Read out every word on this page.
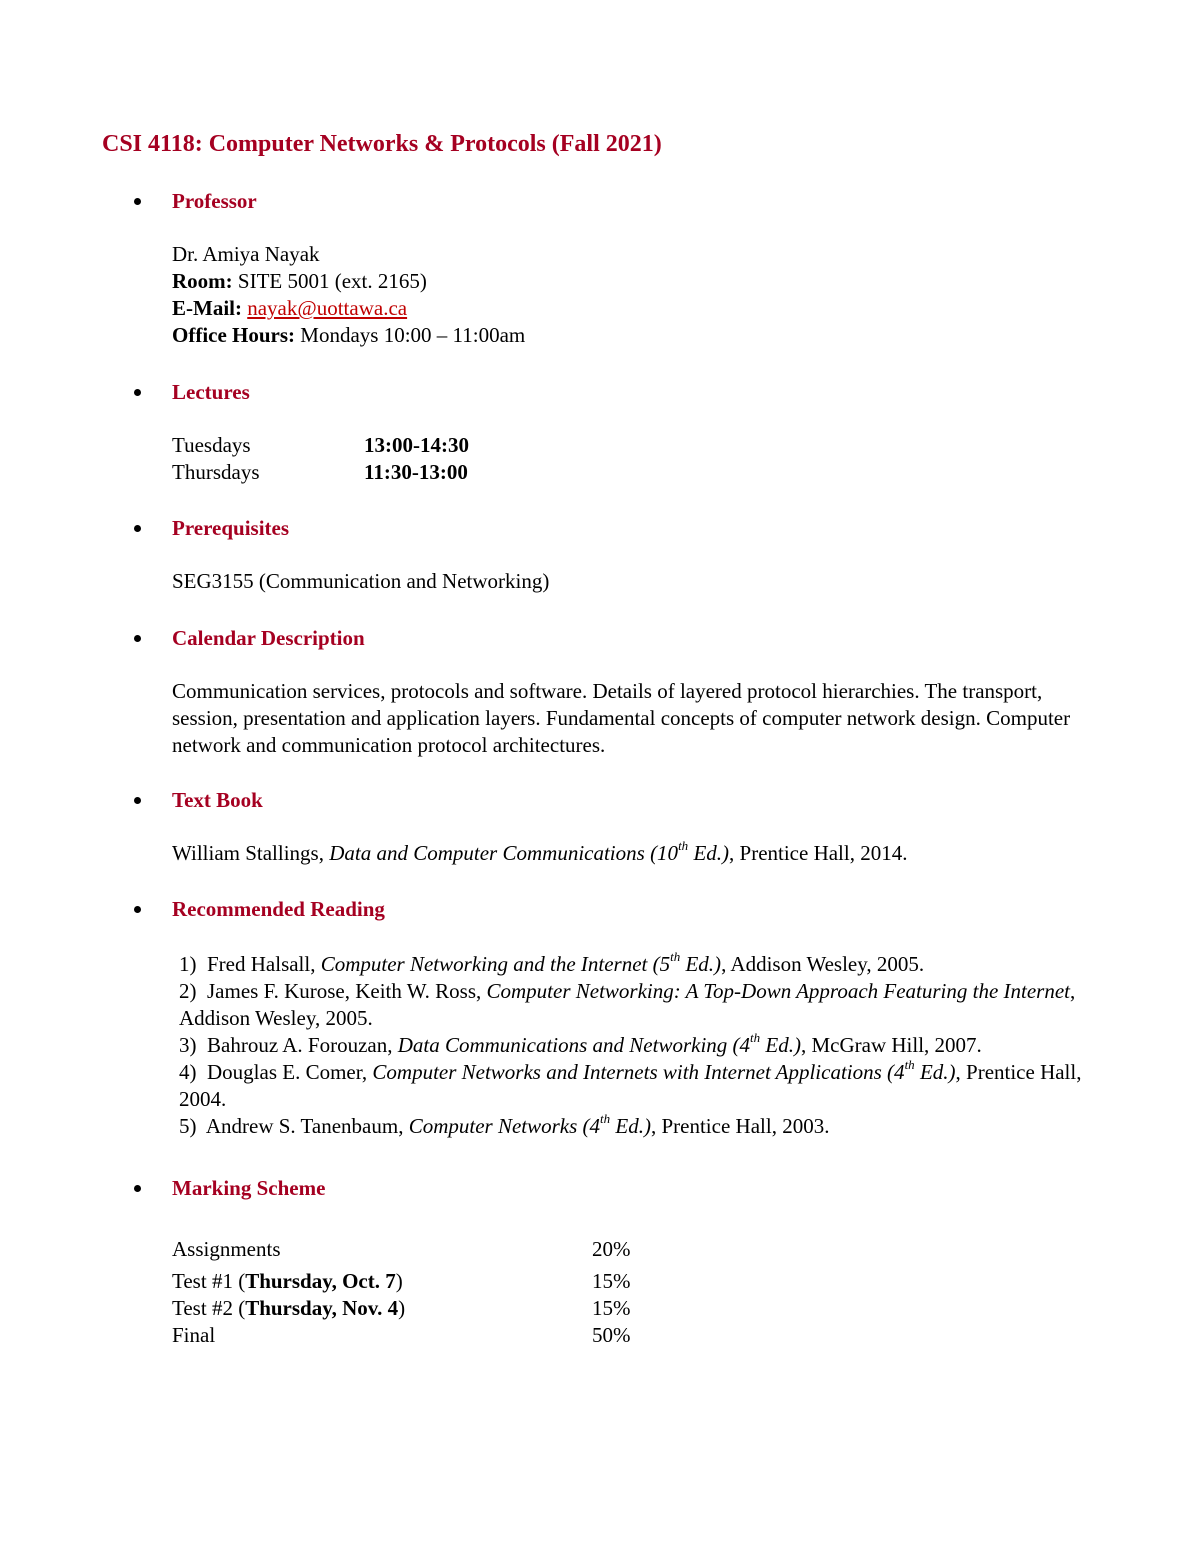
CSI 4118: Computer Networks & Protocols (Fall 2021)
Professor
Dr. Amiya Nayak
Room: SITE 5001 (ext. 2165)
E-Mail: nayak@uottawa.ca
Office Hours: Mondays 10:00 – 11:00am
Lectures
Tuesdays	13:00-14:30
Thursdays	11:30-13:00
Prerequisites
SEG3155 (Communication and Networking)
Calendar Description
Communication services, protocols and software. Details of layered protocol hierarchies. The transport, session, presentation and application layers. Fundamental concepts of computer network design. Computer network and communication protocol architectures.
Text Book
William Stallings, Data and Computer Communications (10th Ed.), Prentice Hall, 2014.
Recommended Reading
1) Fred Halsall, Computer Networking and the Internet (5th Ed.), Addison Wesley, 2005.
2) James F. Kurose, Keith W. Ross, Computer Networking: A Top-Down Approach Featuring the Internet, Addison Wesley, 2005.
3) Bahrouz A. Forouzan, Data Communications and Networking (4th Ed.), McGraw Hill, 2007.
4) Douglas E. Comer, Computer Networks and Internets with Internet Applications (4th Ed.), Prentice Hall, 2004.
5) Andrew S. Tanenbaum, Computer Networks (4th Ed.), Prentice Hall, 2003.
Marking Scheme
Assignments	20%
Test #1 (Thursday, Oct. 7)	15%
Test #2 (Thursday, Nov. 4)	15%
Final	50%
